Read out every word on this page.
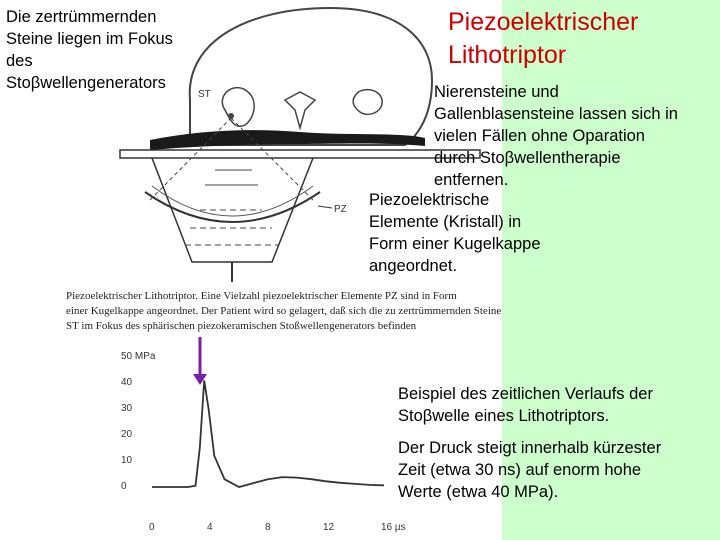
ST
PZ
Die zertrümmernden
Steine liegen im Fokus
des
Stoβwellengenerators
Piezoelektrischer
Lithotriptor
Nierensteine und
Gallenblasensteine lassen sich in
vielen Fällen ohne Oparation
durch Stoβwellentherapie
entfernen.
Piezoelektrische
Elemente (Kristall) in
Form einer Kugelkappe
angeordnet.
Piezoelektrischer Lithotriptor. Eine Vielzahl piezoelektrischer Elemente PZ sind in Form
einer Kugelkappe angeordnet. Der Patient wird so gelagert, daß sich die zu zertrümmernden Steine
ST im Fokus des sphärischen piezokeramischen Stoßwellengenerators befinden
50 MPa
40
30
20
10
0
0	4	8	12	16 µs
Beispiel des zeitlichen Verlaufs der
Stoβwelle eines Lithotriptors.
Der Druck steigt innerhalb kürzester
Zeit (etwa 30 ns) auf enorm hohe
Werte (etwa 40 MPa).
